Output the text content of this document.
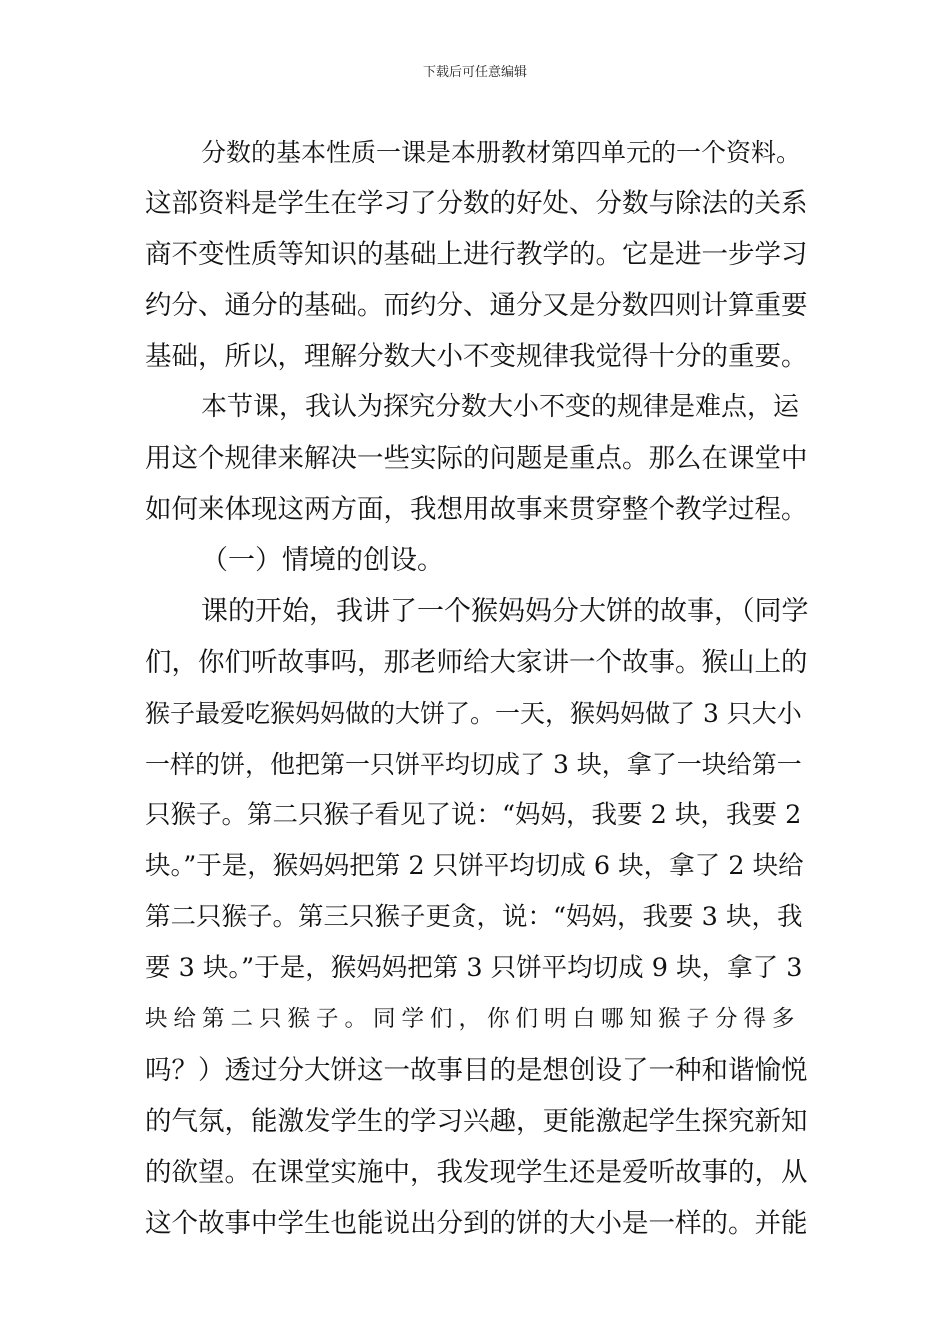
下载后可任意编辑
分数的基本性质一课是本册教材第四单元的一个资料。
这部资料是学生在学习了分数的好处、分数与除法的关系
商不变性质等知识的基础上进行教学的。它是进一步学习
约分、通分的基础。而约分、通分又是分数四则计算重要
基础，所以，理解分数大小不变规律我觉得十分的重要。
本节课，我认为探究分数大小不变的规律是难点，运
用这个规律来解决一些实际的问题是重点。那么在课堂中
如何来体现这两方面，我想用故事来贯穿整个教学过程。
（一）情境的创设。
课的开始，我讲了一个猴妈妈分大饼的故事，（同学
们，你们听故事吗，那老师给大家讲一个故事。猴山上的
猴子最爱吃猴妈妈做的大饼了。一天，猴妈妈做了 3 只大小
一样的饼，他把第一只饼平均切成了 3 块，拿了一块给第一
只猴子。第二只猴子看见了说：“妈妈，我要 2 块，我要 2
块。”于是，猴妈妈把第 2 只饼平均切成 6 块，拿了 2 块给
第二只猴子。第三只猴子更贪，说：“妈妈，我要 3 块，我
要 3 块。”于是，猴妈妈把第 3 只饼平均切成 9 块，拿了 3
块给第二只猴子。同学们，你们明白哪知猴子分得多
吗？）透过分大饼这一故事目的是想创设了一种和谐愉悦
的气氛，能激发学生的学习兴趣，更能激起学生探究新知
的欲望。在课堂实施中，我发现学生还是爱听故事的，从
这个故事中学生也能说出分到的饼的大小是一样的。并能
